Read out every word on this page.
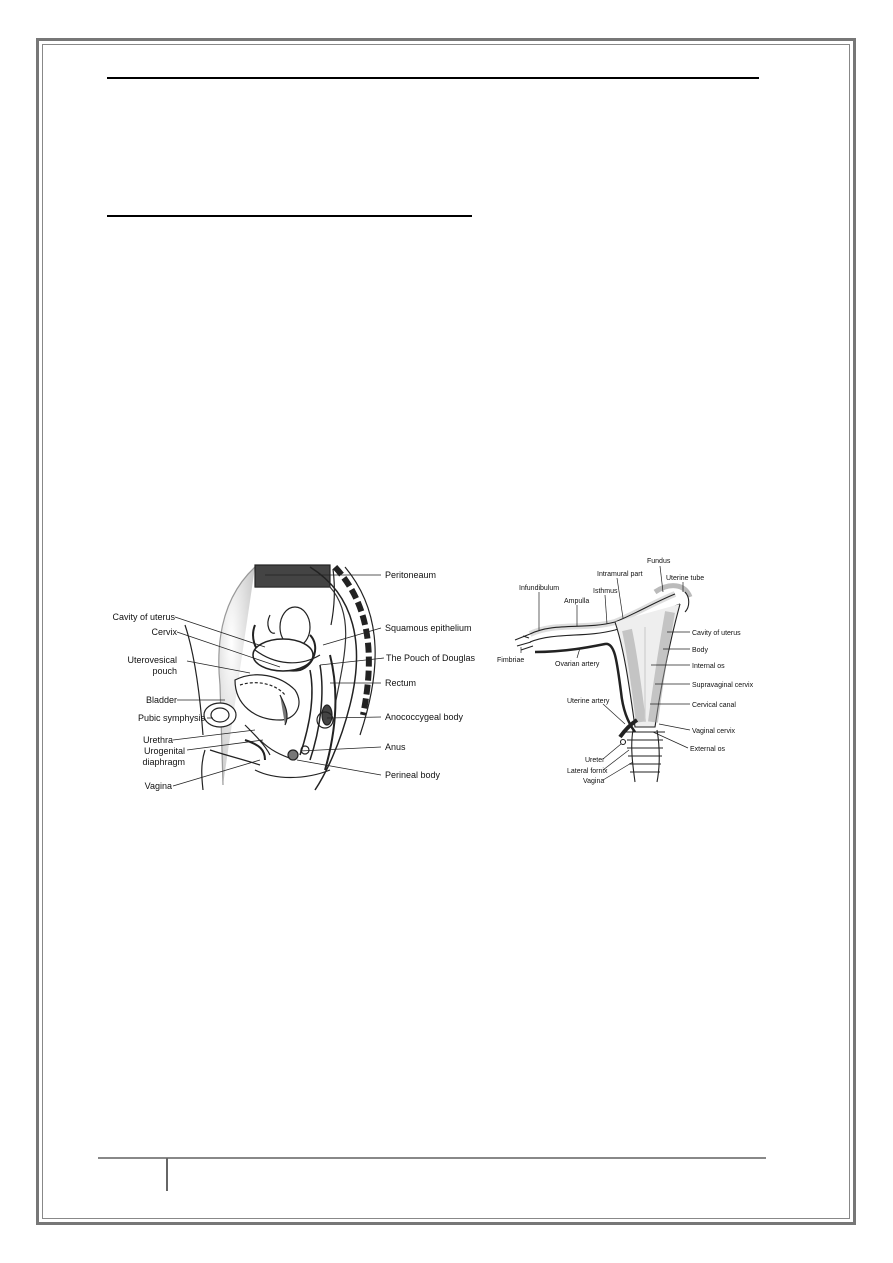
Peritoneaum
Cavity of uterus
Cervix
Uterovesical
pouch
Bladder
Pubic symphysis
Urethra
Urogenital
diaphragm
Vagina
Squamous epithelium
The Pouch of Douglas
Rectum
Anococcygeal body
Anus
Perineal body
Fundus
Intramural part
Uterine tube
Infundibulum
Ampulla
Isthmus
Fimbriae
Ovarian artery
Cavity of uterus
Body
Internal os
Supravaginal cervix
Cervical canal
Uterine artery
Vaginal cervix
External os
Ureter
Lateral fornix
Vagina
